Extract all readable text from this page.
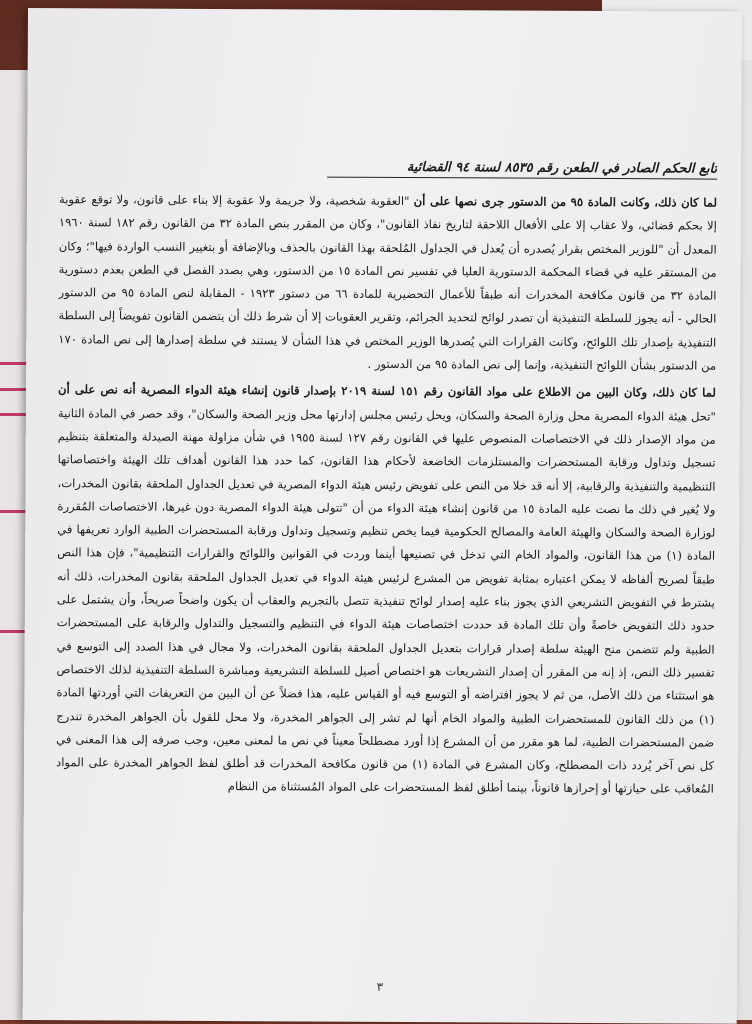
تابع الحكم الصادر في الطعن رقم ٨٥٣٥ لسنة ٩٤ القضائية

لما كان ذلك، وكانت المادة ٩٥ من الدستور جرى نصها على أن "العقوبة شخصية، ولا جريمة ولا عقوبة إلا بناء على قانون، ولا توقع عقوبة إلا بحكم قضائي، ولا عقاب إلا على الأفعال اللاحقة لتاريخ نفاذ القانون"، وكان من المقرر بنص المادة ٣٢ من القانون رقم ١٨٢ لسنة ١٩٦٠ المعدل أن "للوزير المختص بقرار يُصدره أن يُعدل في الجداول المُلحقة بهذا القانون بالحذف وبالإضافة أو بتغيير النسب الواردة فيها"؛ وكان من المستقر عليه في قضاء المحكمة الدستورية العليا في تفسير نص المادة ١٥ من الدستور، وهي بصدد الفصل في الطعن بعدم دستورية المادة ٣٢ من قانون مكافحة المخدرات أنه طبقاً للأعمال التحضيرية للمادة ٦٦ من دستور ١٩٢٣ - المقابلة لنص المادة ٩٥ من الدستور الحالي - أنه يجوز للسلطة التنفيذية أن تصدر لوائح لتحديد الجرائم، وتقرير العقوبات إلا أن شرط ذلك أن يتضمن القانون تفويضاً إلى السلطة التنفيذية بإصدار تلك اللوائح، وكانت القرارات التي يُصدرها الوزير المختص في هذا الشأن لا يستند في سلطة إصدارها إلى نص المادة ١٧٠ من الدستور بشأن اللوائح التنفيذية، وإنما إلى نص المادة ٩٥ من الدستور .

لما كان ذلك، وكان البين من الاطلاع على مواد القانون رقم ١٥١ لسنة ٢٠١٩ بإصدار قانون إنشاء هيئة الدواء المصرية أنه نص على أن "تحل هيئة الدواء المصرية محل وزارة الصحة والسكان، ويحل رئيس مجلس إدارتها محل وزير الصحة والسكان"، وقد حصر في المادة الثانية من مواد الإصدار ذلك في الاختصاصات المنصوص عليها في القانون رقم ١٢٧ لسنة ١٩٥٥ في شأن مزاولة مهنة الصيدلة والمتعلقة بتنظيم تسجيل وتداول ورقابة المستحضرات والمستلزمات الخاضعة لأحكام هذا القانون، كما حدد هذا القانون أهداف تلك الهيئة واختصاصاتها التنظيمية والتنفيذية والرقابية، إلا أنه قد خلا من النص على تفويض رئيس هيئة الدواء المصرية في تعديل الجداول الملحقة بقانون المخدرات، ولا يُغير في ذلك ما نصت عليه المادة ١٥ من قانون إنشاء هيئة الدواء من أن "تتولى هيئة الدواء المصرية دون غيرها، الاختصاصات المُقررة لوزارة الصحة والسكان والهيئة العامة والمصالح الحكومية فيما يخص تنظيم وتسجيل وتداول ورقابة المستحضرات الطبية الوارد تعريفها في المادة (١) من هذا القانون، والمواد الخام التي تدخل في تصنيعها أينما وردت في القوانين واللوائح والقرارات التنظيمية"، فإن هذا النص طبقاً لصريح ألفاظه لا يمكن اعتباره بمثابة تفويض من المشرع لرئيس هيئة الدواء في تعديل الجداول الملحقة بقانون المخدرات، ذلك أنه يشترط في التفويض التشريعي الذي يجوز بناء عليه إصدار لوائح تنفيذية تتصل بالتجريم والعقاب أن يكون واضحاً صريحاً، وأن يشتمل على حدود ذلك التفويض خاصةً وأن تلك المادة قد حددت اختصاصات هيئة الدواء في التنظيم والتسجيل والتداول والرقابة على المستحضرات الطبية ولم تتضمن منح الهيئة سلطة إصدار قرارات بتعديل الجداول الملحقة بقانون المخدرات، ولا مجال في هذا الصدد إلى التوسع في تفسير ذلك النص، إذ إنه من المقرر أن إصدار التشريعات هو اختصاص أصيل للسلطة التشريعية ومباشرة السلطة التنفيذية لذلك الاختصاص هو استثناء من ذلك الأصل، من ثم لا يجوز افتراضه أو التوسع فيه أو القياس عليه، هذا فضلاً عن أن البين من التعريفات التي أوردتها المادة (١) من ذلك القانون للمستحضرات الطبية والمواد الخام أنها لم تشر إلى الجواهر المخدرة، ولا محل للقول بأن الجواهر المخدرة تندرج ضمن المستحضرات الطبية، لما هو مقرر من أن المشرع إذا أورد مصطلحاً معيناً في نص ما لمعنى معين، وجب صرفه إلى هذا المعنى في كل نص آخر يُردد ذات المصطلح، وكان المشرع في المادة (١) من قانون مكافحة المخدرات قد أطلق لفظ الجواهر المخدرة على المواد المُعاقب على حيازتها أو إحرازها قانوناً، بينما أطلق لفظ المستحضرات على المواد المُستثناة من النظام

٣
